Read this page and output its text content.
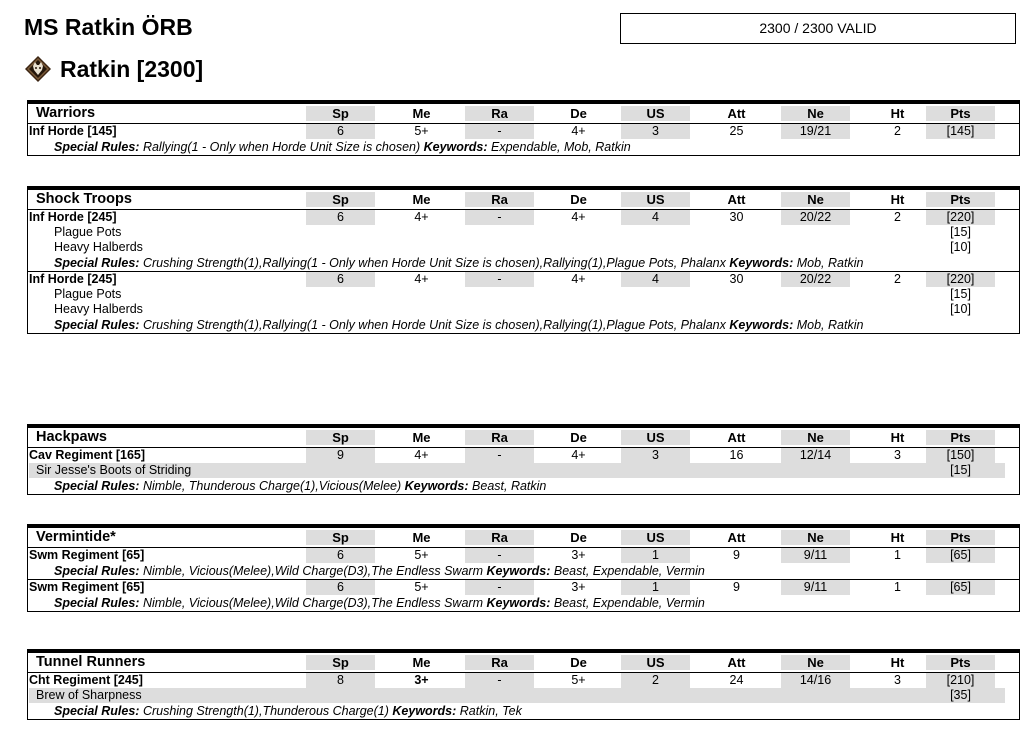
MS Ratkin ÖRB	2300 / 2300 VALID
Ratkin [2300]
Warriors	Sp	Me	Ra	De	US	Att	Ne	Ht	Pts
Inf Horde [145]	6	5+	-	4+	3	25	19/21	2	[145]
Special Rules: Rallying(1 - Only when Horde Unit Size is chosen) Keywords: Expendable, Mob, Ratkin
Shock Troops	Sp	Me	Ra	De	US	Att	Ne	Ht	Pts
Inf Horde [245]	6	4+	-	4+	4	30	20/22	2	[220]
Plague Pots	[15]
Heavy Halberds	[10]
Special Rules: Crushing Strength(1),Rallying(1 - Only when Horde Unit Size is chosen),Rallying(1),Plague Pots, Phalanx Keywords: Mob, Ratkin
Inf Horde [245]	6	4+	-	4+	4	30	20/22	2	[220]
Plague Pots	[15]
Heavy Halberds	[10]
Special Rules: Crushing Strength(1),Rallying(1 - Only when Horde Unit Size is chosen),Rallying(1),Plague Pots, Phalanx Keywords: Mob, Ratkin
Hackpaws	Sp	Me	Ra	De	US	Att	Ne	Ht	Pts
Cav Regiment [165]	9	4+	-	4+	3	16	12/14	3	[150]
Sir Jesse's Boots of Striding	[15]
Special Rules: Nimble, Thunderous Charge(1),Vicious(Melee) Keywords: Beast, Ratkin
Vermintide*	Sp	Me	Ra	De	US	Att	Ne	Ht	Pts
Swm Regiment [65]	6	5+	-	3+	1	9	9/11	1	[65]
Special Rules: Nimble, Vicious(Melee),Wild Charge(D3),The Endless Swarm Keywords: Beast, Expendable, Vermin
Swm Regiment [65]	6	5+	-	3+	1	9	9/11	1	[65]
Special Rules: Nimble, Vicious(Melee),Wild Charge(D3),The Endless Swarm Keywords: Beast, Expendable, Vermin
Tunnel Runners	Sp	Me	Ra	De	US	Att	Ne	Ht	Pts
Cht Regiment [245]	8	3+	-	5+	2	24	14/16	3	[210]
Brew of Sharpness	[35]
Special Rules: Crushing Strength(1),Thunderous Charge(1) Keywords: Ratkin, Tek
